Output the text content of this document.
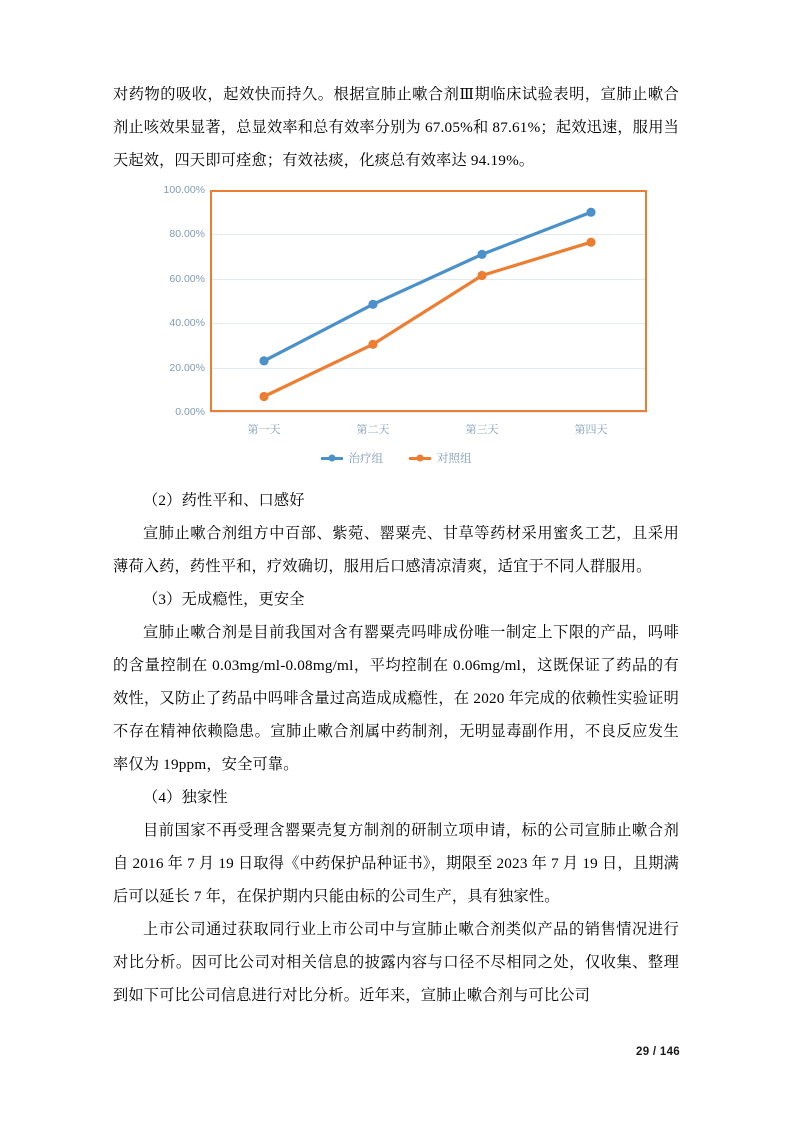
对药物的吸收，起效快而持久。根据宣肺止嗽合剂Ⅲ期临床试验表明，宣肺止嗽合剂止咳效果显著，总显效率和总有效率分别为 67.05%和 87.61%；起效迅速，服用当天起效，四天即可痊愈；有效祛痰，化痰总有效率达 94.19%。

0.00%
20.00%
40.00%
60.00%
80.00%
100.00%
第一天	第二天	第三天	第四天
治疗组	对照组

（2）药性平和、口感好

宣肺止嗽合剂组方中百部、紫菀、罂粟壳、甘草等药材采用蜜炙工艺，且采用薄荷入药，药性平和，疗效确切，服用后口感清凉清爽，适宜于不同人群服用。

（3）无成瘾性，更安全

宣肺止嗽合剂是目前我国对含有罂粟壳吗啡成份唯一制定上下限的产品，吗啡的含量控制在 0.03mg/ml-0.08mg/ml，平均控制在 0.06mg/ml，这既保证了药品的有效性，又防止了药品中吗啡含量过高造成成瘾性，在 2020 年完成的依赖性实验证明不存在精神依赖隐患。宣肺止嗽合剂属中药制剂，无明显毒副作用，不良反应发生率仅为 19ppm，安全可靠。

（4）独家性

目前国家不再受理含罂粟壳复方制剂的研制立项申请，标的公司宣肺止嗽合剂自 2016 年 7 月 19 日取得《中药保护品种证书》，期限至 2023 年 7 月 19 日，且期满后可以延长 7 年，在保护期内只能由标的公司生产，具有独家性。

上市公司通过获取同行业上市公司中与宣肺止嗽合剂类似产品的销售情况进行对比分析。因可比公司对相关信息的披露内容与口径不尽相同之处，仅收集、整理到如下可比公司信息进行对比分析。近年来，宣肺止嗽合剂与可比公司

29 / 146
